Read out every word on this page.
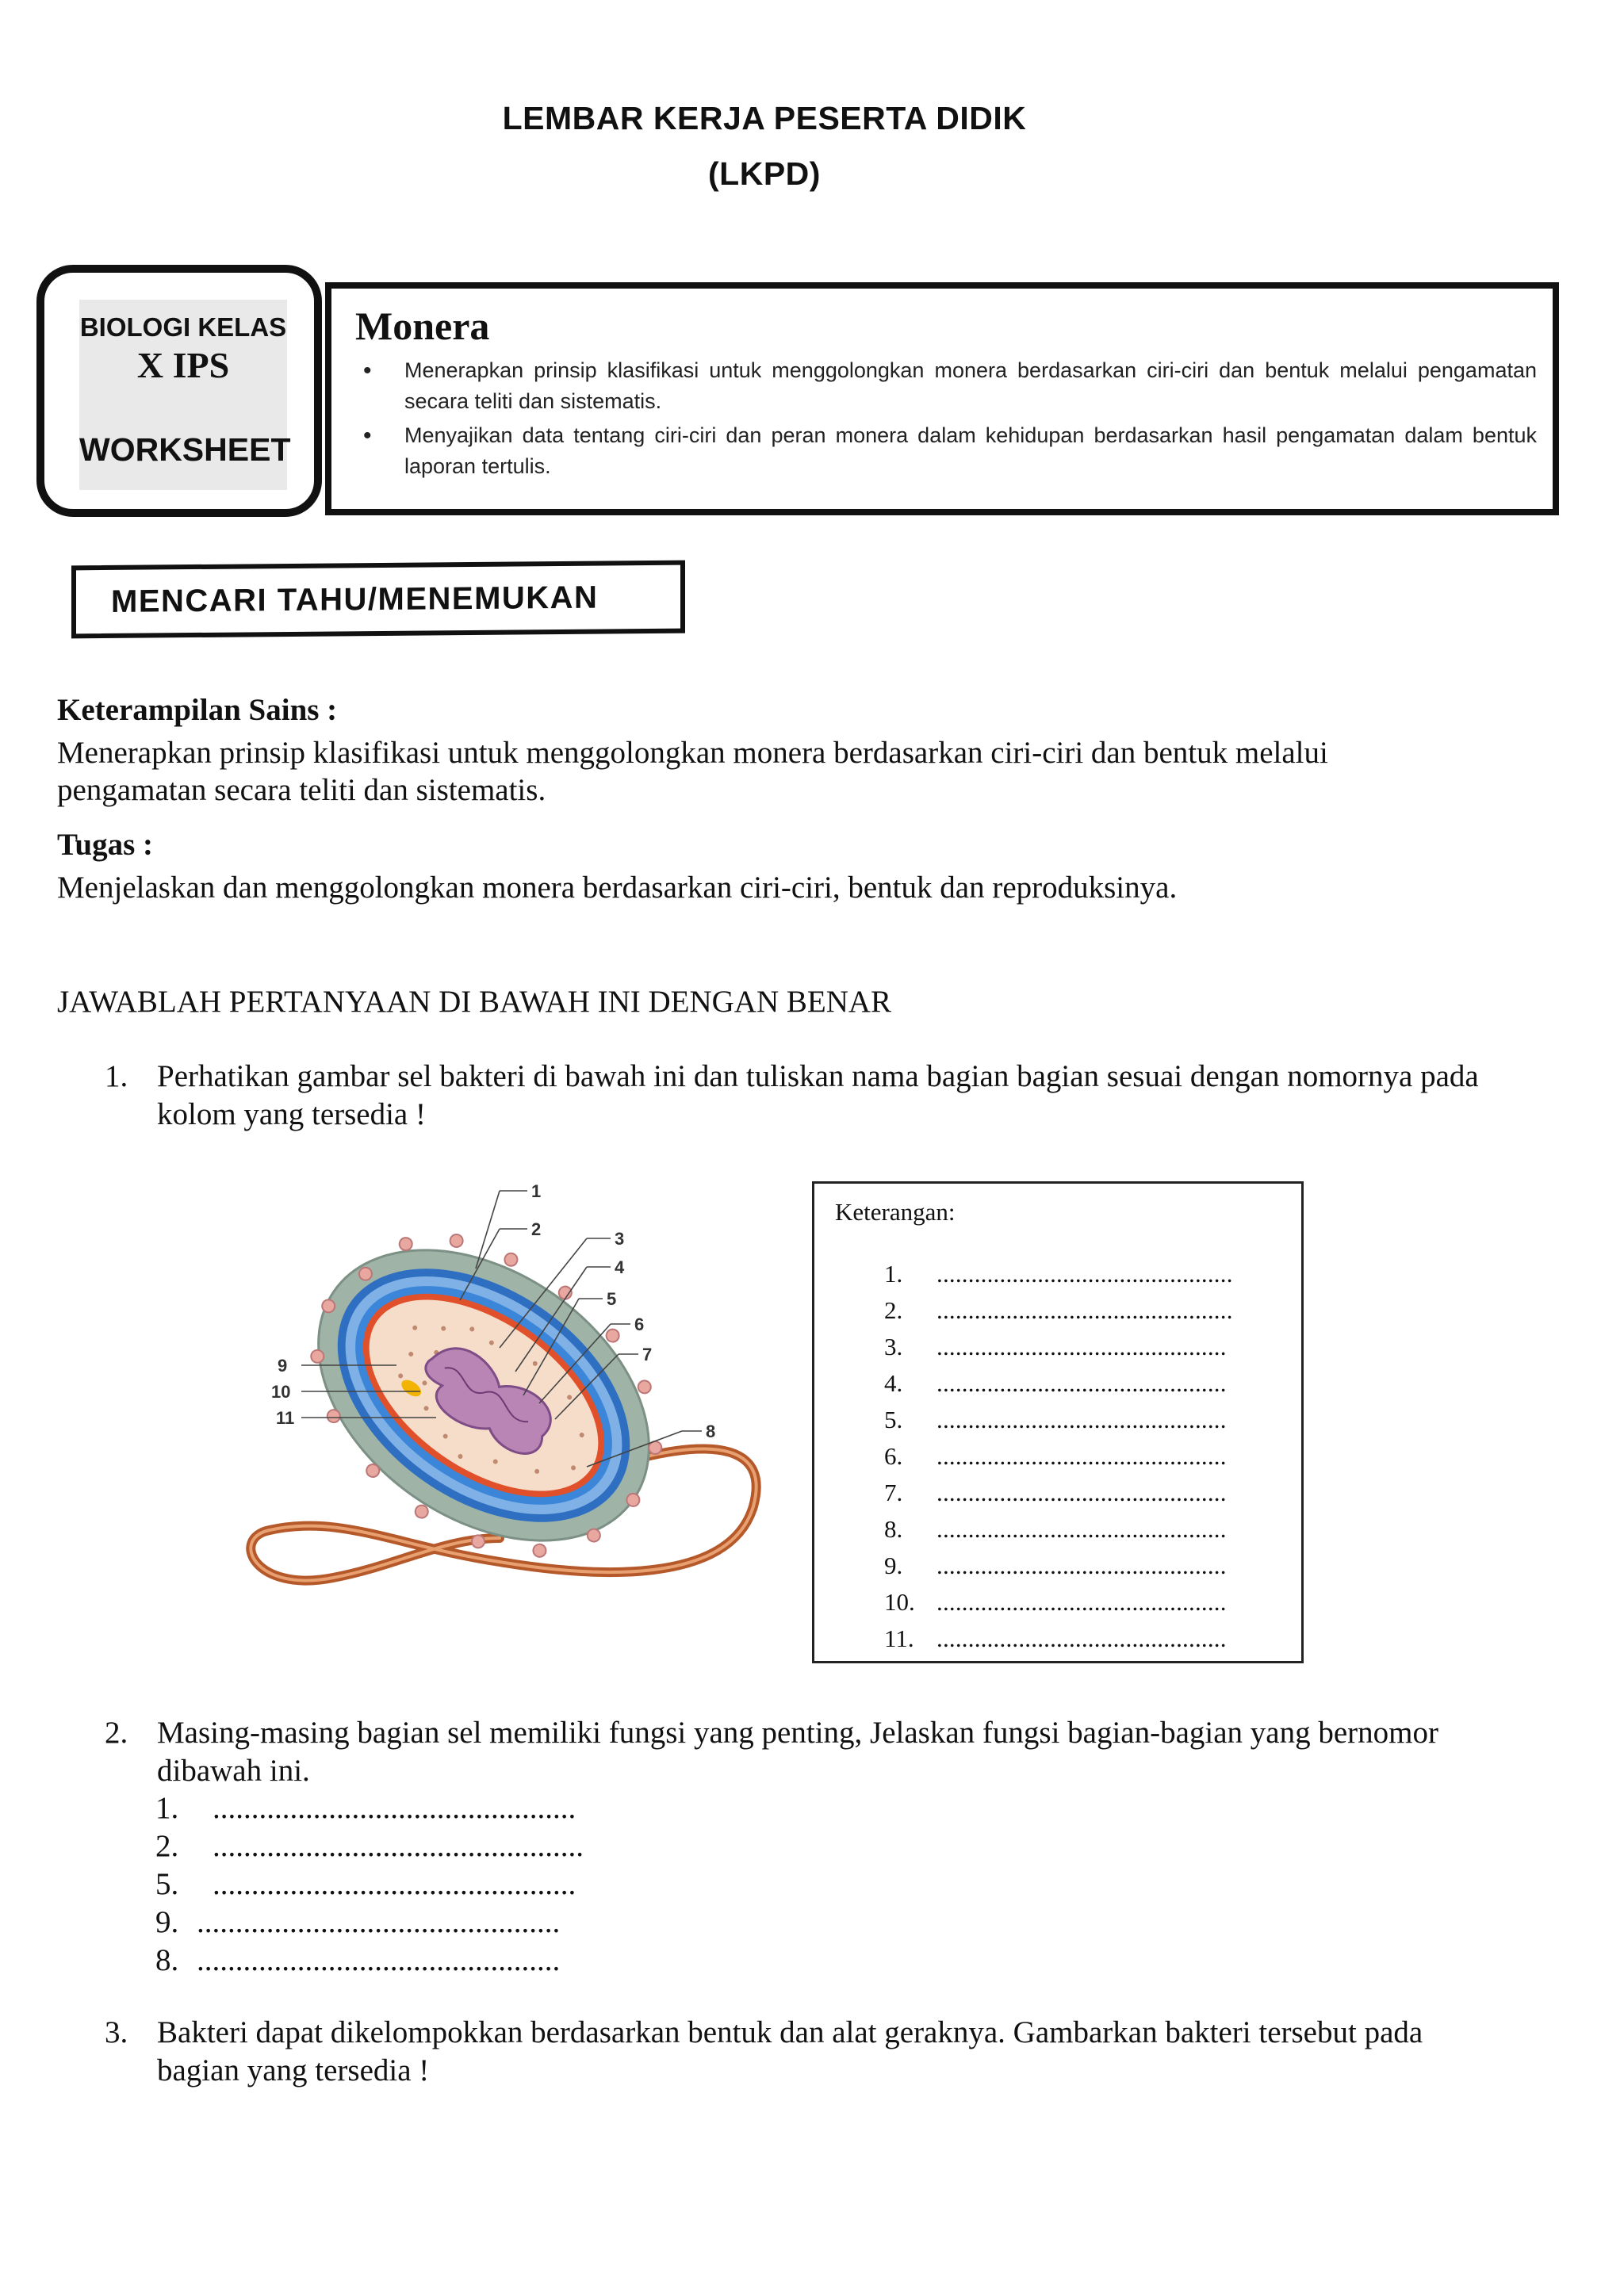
LEMBAR KERJA PESERTA DIDIK
(LKPD)
BIOLOGI KELAS
X IPS
WORKSHEET
Monera
• Menerapkan prinsip klasifikasi untuk menggolongkan monera berdasarkan ciri-ciri dan bentuk melalui pengamatan secara teliti dan sistematis.
• Menyajikan data tentang ciri-ciri dan peran monera dalam kehidupan berdasarkan hasil pengamatan dalam bentuk laporan tertulis.
MENCARI TAHU/MENEMUKAN
Keterampilan Sains :
Menerapkan prinsip klasifikasi untuk menggolongkan monera berdasarkan ciri-ciri dan bentuk melalui pengamatan secara teliti dan sistematis.
Tugas :
Menjelaskan dan menggolongkan monera berdasarkan ciri-ciri, bentuk dan reproduksinya.
JAWABLAH PERTANYAAN DI BAWAH INI DENGAN BENAR
1. Perhatikan gambar sel bakteri di bawah ini dan tuliskan nama bagian bagian sesuai dengan nomornya pada kolom yang tersedia !
1
2	3
4
5
6
7
8
9
10
11
Keterangan:
1. ...............................................
2. ...............................................
3. ..............................................
4. ..............................................
5. ..............................................
6. ..............................................
7. ..............................................
8. ..............................................
9. ..............................................
10. ..............................................
11. ..............................................
2. Masing-masing bagian sel memiliki fungsi yang penting, Jelaskan fungsi bagian-bagian yang bernomor dibawah ini.
1. ...............................................
2. ................................................
5. ...............................................
9. ...............................................
8. ...............................................
3. Bakteri dapat dikelompokkan berdasarkan bentuk dan alat geraknya. Gambarkan bakteri tersebut pada bagian yang tersedia !
